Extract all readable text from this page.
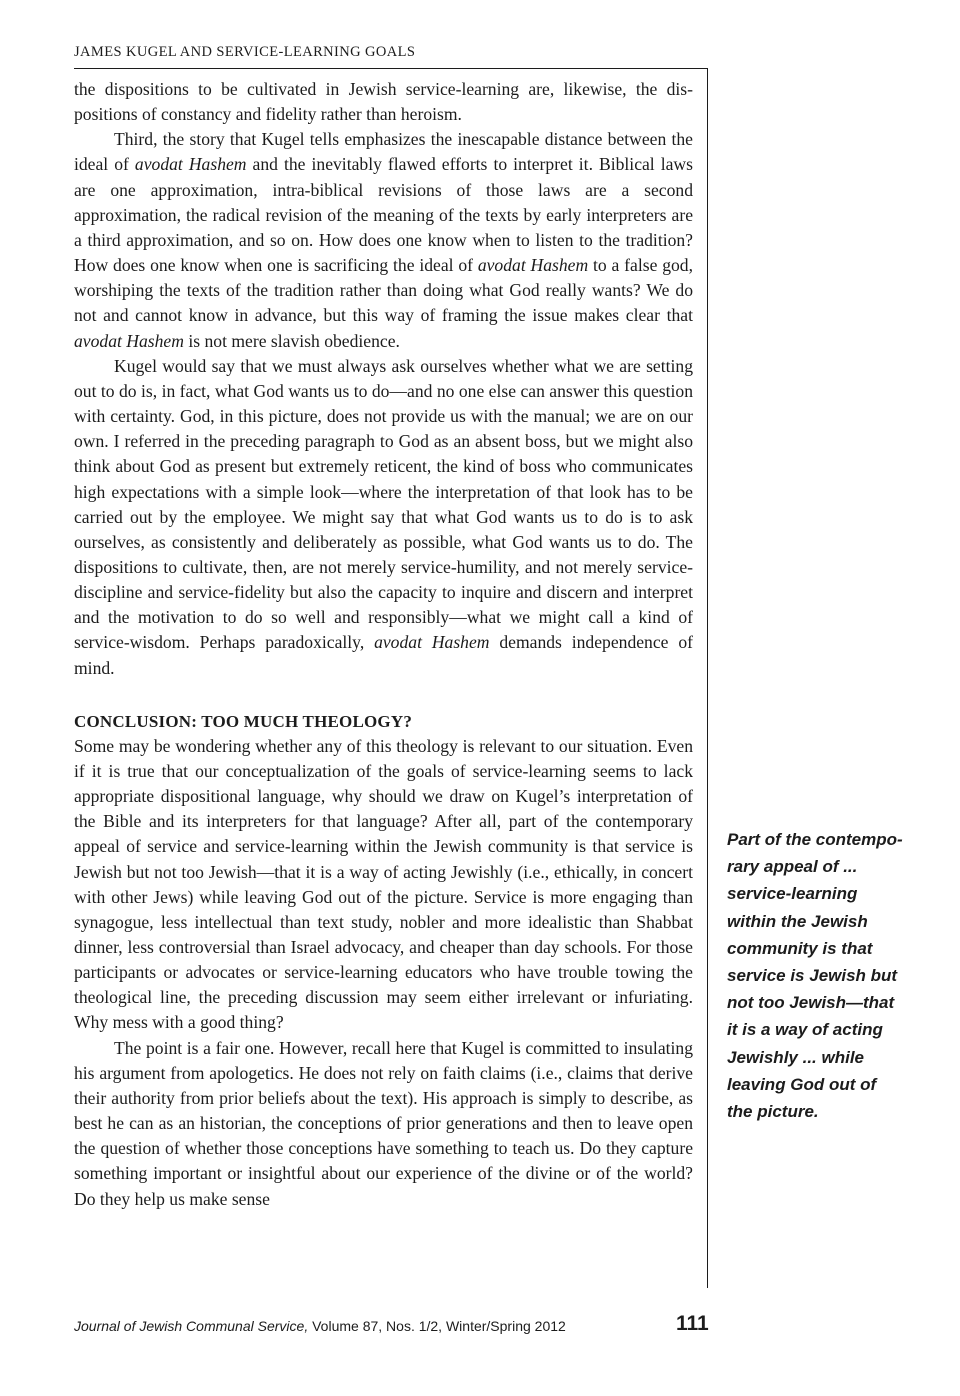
JAMES KUGEL AND SERVICE-LEARNING GOALS

the dispositions to be cultivated in Jewish service-learning are, likewise, the dispositions of constancy and fidelity rather than heroism.

Third, the story that Kugel tells emphasizes the inescapable distance between the ideal of avodat Hashem and the inevitably flawed efforts to interpret it. Biblical laws are one approximation, intra-biblical revisions of those laws are a second approximation, the radical revision of the meaning of the texts by early interpreters are a third approximation, and so on. How does one know when to listen to the tradition? How does one know when one is sacrificing the ideal of avodat Hashem to a false god, worshiping the texts of the tradition rather than doing what God really wants? We do not and cannot know in advance, but this way of framing the issue makes clear that avodat Hashem is not mere slavish obedience.

Kugel would say that we must always ask ourselves whether what we are setting out to do is, in fact, what God wants us to do—and no one else can answer this question with certainty. God, in this picture, does not provide us with the manual; we are on our own. I referred in the preceding paragraph to God as an absent boss, but we might also think about God as present but extremely reticent, the kind of boss who communicates high expectations with a simple look—where the interpretation of that look has to be carried out by the employee. We might say that what God wants us to do is to ask ourselves, as consistently and deliberately as possible, what God wants us to do. The dispositions to cultivate, then, are not merely service-humility, and not merely service-discipline and service-fidelity but also the capacity to inquire and discern and interpret and the motivation to do so well and responsibly—what we might call a kind of service-wisdom. Perhaps paradoxically, avodat Hashem demands independence of mind.

CONCLUSION: TOO MUCH THEOLOGY?

Some may be wondering whether any of this theology is relevant to our situation. Even if it is true that our conceptualization of the goals of service-learning seems to lack appropriate dispositional language, why should we draw on Kugel’s interpretation of the Bible and its interpreters for that language? After all, part of the contemporary appeal of service and service-learning within the Jewish community is that service is Jewish but not too Jewish—that it is a way of acting Jewishly (i.e., ethically, in concert with other Jews) while leaving God out of the picture. Service is more engaging than synagogue, less intellectual than text study, nobler and more idealistic than Shabbat dinner, less controversial than Israel advocacy, and cheaper than day schools. For those participants or advocates or service-learning educators who have trouble towing the theological line, the preceding discussion may seem either irrelevant or infuriating. Why mess with a good thing?

The point is a fair one. However, recall here that Kugel is committed to insulating his argument from apologetics. He does not rely on faith claims (i.e., claims that derive their authority from prior beliefs about the text). His approach is simply to describe, as best he can as an historian, the conceptions of prior generations and then to leave open the question of whether those conceptions have something to teach us. Do they capture something important or insightful about our experience of the divine or of the world? Do they help us make sense

Part of the contemporary appeal of ... service-learning within the Jewish community is that service is Jewish but not too Jewish—that it is a way of acting Jewishly ... while leaving God out of the picture.
Journal of Jewish Communal Service, Volume 87, Nos. 1/2, Winter/Spring 2012	111
